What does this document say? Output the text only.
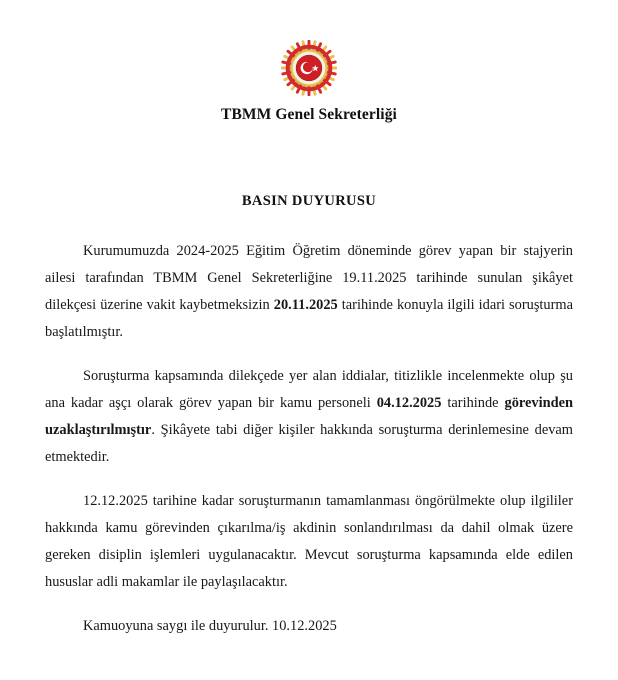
TBMM Genel Sekreterliği
BASIN DUYURUSU

Kurumumuzda 2024-2025 Eğitim Öğretim döneminde görev yapan bir stajyerin ailesi tarafından TBMM Genel Sekreterliğine 19.11.2025 tarihinde sunulan şikâyet dilekçesi üzerine vakit kaybetmeksizin 20.11.2025 tarihinde konuyla ilgili idari soruşturma başlatılmıştır.

Soruşturma kapsamında dilekçede yer alan iddialar, titizlikle incelenmekte olup şu ana kadar aşçı olarak görev yapan bir kamu personeli 04.12.2025 tarihinde görevinden uzaklaştırılmıştır. Şikâyete tabi diğer kişiler hakkında soruşturma derinlemesine devam etmektedir.

12.12.2025 tarihine kadar soruşturmanın tamamlanması öngörülmekte olup ilgililer hakkında kamu görevinden çıkarılma/iş akdinin sonlandırılması da dahil olmak üzere gereken disiplin işlemleri uygulanacaktır. Mevcut soruşturma kapsamında elde edilen hususlar adli makamlar ile paylaşılacaktır.

Kamuoyuna saygı ile duyurulur. 10.12.2025
